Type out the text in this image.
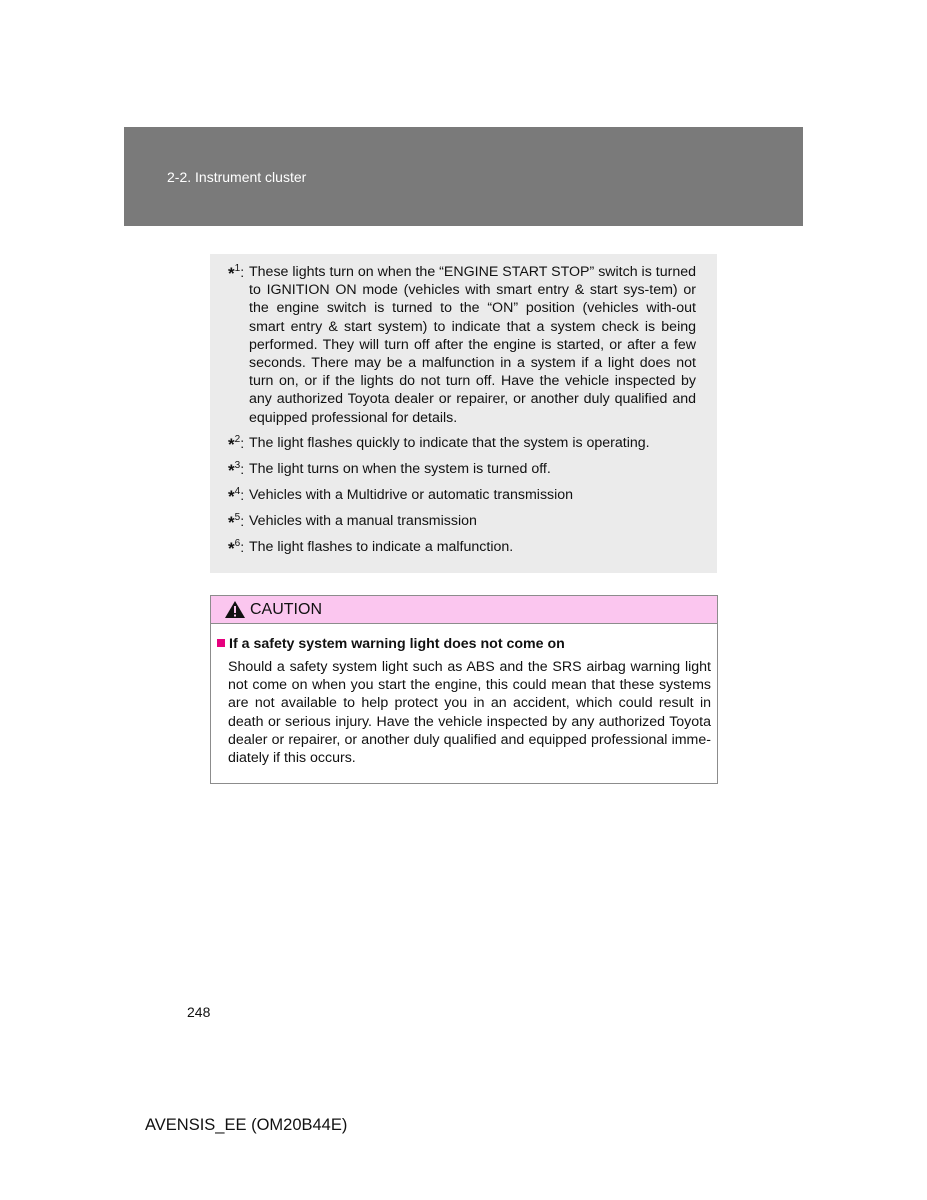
2-2. Instrument cluster
*$^1$: These lights turn on when the “ENGINE START STOP” switch is turned to IGNITION ON mode (vehicles with smart entry & start sys-tem) or the engine switch is turned to the “ON” position (vehicles with-out smart entry & start system) to indicate that a system check is being performed. They will turn off after the engine is started, or after a few seconds. There may be a malfunction in a system if a light does not turn on, or if the lights do not turn off. Have the vehicle inspected by any authorized Toyota dealer or repairer, or another duly qualified and equipped professional for details.
*$^2$: The light flashes quickly to indicate that the system is operating.
*$^3$: The light turns on when the system is turned off.
*$^4$: Vehicles with a Multidrive or automatic transmission
*$^5$: Vehicles with a manual transmission
*$^6$: The light flashes to indicate a malfunction.
CAUTION
If a safety system warning light does not come on
Should a safety system light such as ABS and the SRS airbag warning light not come on when you start the engine, this could mean that these systems are not available to help protect you in an accident, which could result in death or serious injury. Have the vehicle inspected by any authorized Toyota dealer or repairer, or another duly qualified and equipped professional imme-diately if this occurs.
248
AVENSIS_EE (OM20B44E)
